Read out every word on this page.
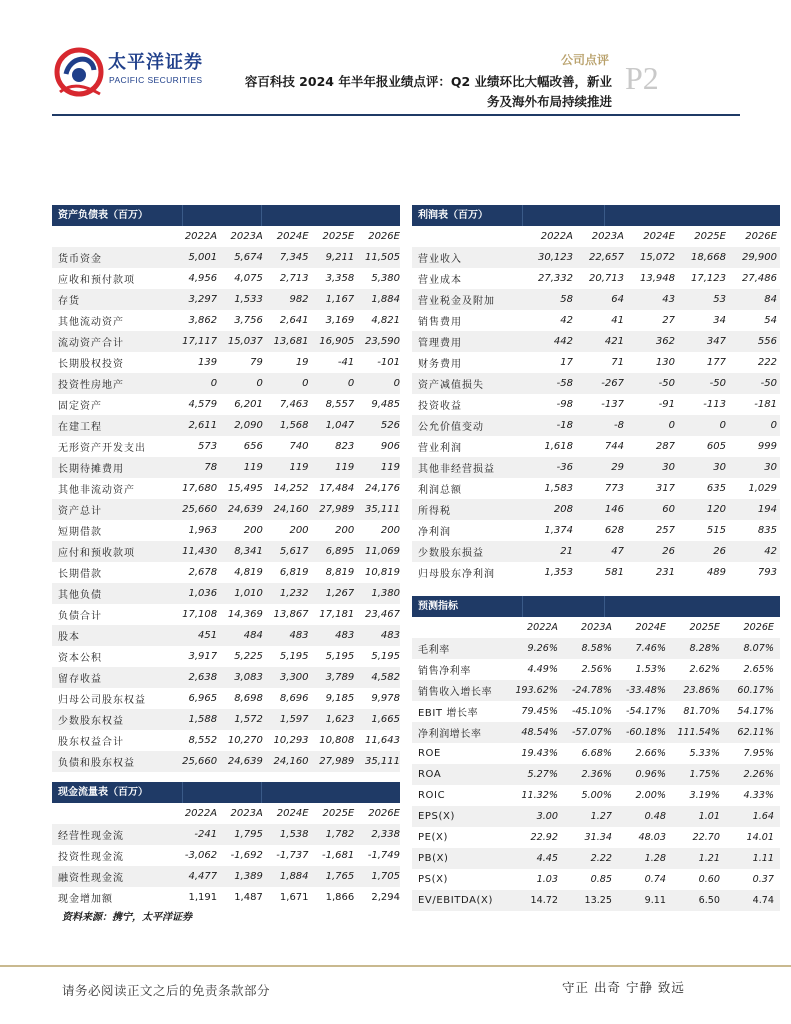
太平洋证券
PACIFIC SECURITIES
公司点评 P2
容百科技 2024 年半年报业绩点评：Q2 业绩环比大幅改善，新业
务及海外布局持续推进
资产负债表（百万）
2022A	2023A	2024E	2025E	2026E
货币资金	5,001	5,674	7,345	9,211	11,505
应收和预付款项	4,956	4,075	2,713	3,358	5,380
存货	3,297	1,533	982	1,167	1,884
其他流动资产	3,862	3,756	2,641	3,169	4,821
流动资产合计	17,117	15,037	13,681	16,905	23,590
长期股权投资	139	79	19	-41	-101
投资性房地产	0	0	0	0	0
固定资产	4,579	6,201	7,463	8,557	9,485
在建工程	2,611	2,090	1,568	1,047	526
无形资产开发支出	573	656	740	823	906
长期待摊费用	78	119	119	119	119
其他非流动资产	17,680	15,495	14,252	17,484	24,176
资产总计	25,660	24,639	24,160	27,989	35,111
短期借款	1,963	200	200	200	200
应付和预收款项	11,430	8,341	5,617	6,895	11,069
长期借款	2,678	4,819	6,819	8,819	10,819
其他负债	1,036	1,010	1,232	1,267	1,380
负债合计	17,108	14,369	13,867	17,181	23,467
股本	451	484	483	483	483
资本公积	3,917	5,225	5,195	5,195	5,195
留存收益	2,638	3,083	3,300	3,789	4,582
归母公司股东权益	6,965	8,698	8,696	9,185	9,978
少数股东权益	1,588	1,572	1,597	1,623	1,665
股东权益合计	8,552	10,270	10,293	10,808	11,643
负债和股东权益	25,660	24,639	24,160	27,989	35,111
现金流量表（百万）
2022A	2023A	2024E	2025E	2026E
经营性现金流	-241	1,795	1,538	1,782	2,338
投资性现金流	-3,062	-1,692	-1,737	-1,681	-1,749
融资性现金流	4,477	1,389	1,884	1,765	1,705
现金增加额	1,191	1,487	1,671	1,866	2,294
利润表（百万）
2022A	2023A	2024E	2025E	2026E
营业收入	30,123	22,657	15,072	18,668	29,900
营业成本	27,332	20,713	13,948	17,123	27,486
营业税金及附加	58	64	43	53	84
销售费用	42	41	27	34	54
管理费用	442	421	362	347	556
财务费用	17	71	130	177	222
资产减值损失	-58	-267	-50	-50	-50
投资收益	-98	-137	-91	-113	-181
公允价值变动	-18	-8	0	0	0
营业利润	1,618	744	287	605	999
其他非经营损益	-36	29	30	30	30
利润总额	1,583	773	317	635	1,029
所得税	208	146	60	120	194
净利润	1,374	628	257	515	835
少数股东损益	21	47	26	26	42
归母股东净利润	1,353	581	231	489	793
预测指标
2022A	2023A	2024E	2025E	2026E
毛利率	9.26%	8.58%	7.46%	8.28%	8.07%
销售净利率	4.49%	2.56%	1.53%	2.62%	2.65%
销售收入增长率	193.62%	-24.78%	-33.48%	23.86%	60.17%
EBIT 增长率	79.45%	-45.10%	-54.17%	81.70%	54.17%
净利润增长率	48.54%	-57.07%	-60.18%	111.54%	62.11%
ROE	19.43%	6.68%	2.66%	5.33%	7.95%
ROA	5.27%	2.36%	0.96%	1.75%	2.26%
ROIC	11.32%	5.00%	2.00%	3.19%	4.33%
EPS(X)	3.00	1.27	0.48	1.01	1.64
PE(X)	22.92	31.34	48.03	22.70	14.01
PB(X)	4.45	2.22	1.28	1.21	1.11
PS(X)	1.03	0.85	0.74	0.60	0.37
EV/EBITDA(X)	14.72	13.25	9.11	6.50	4.74
资料来源：携宁，太平洋证券
请务必阅读正文之后的免责条款部分	守正 出奇 宁静 致远
